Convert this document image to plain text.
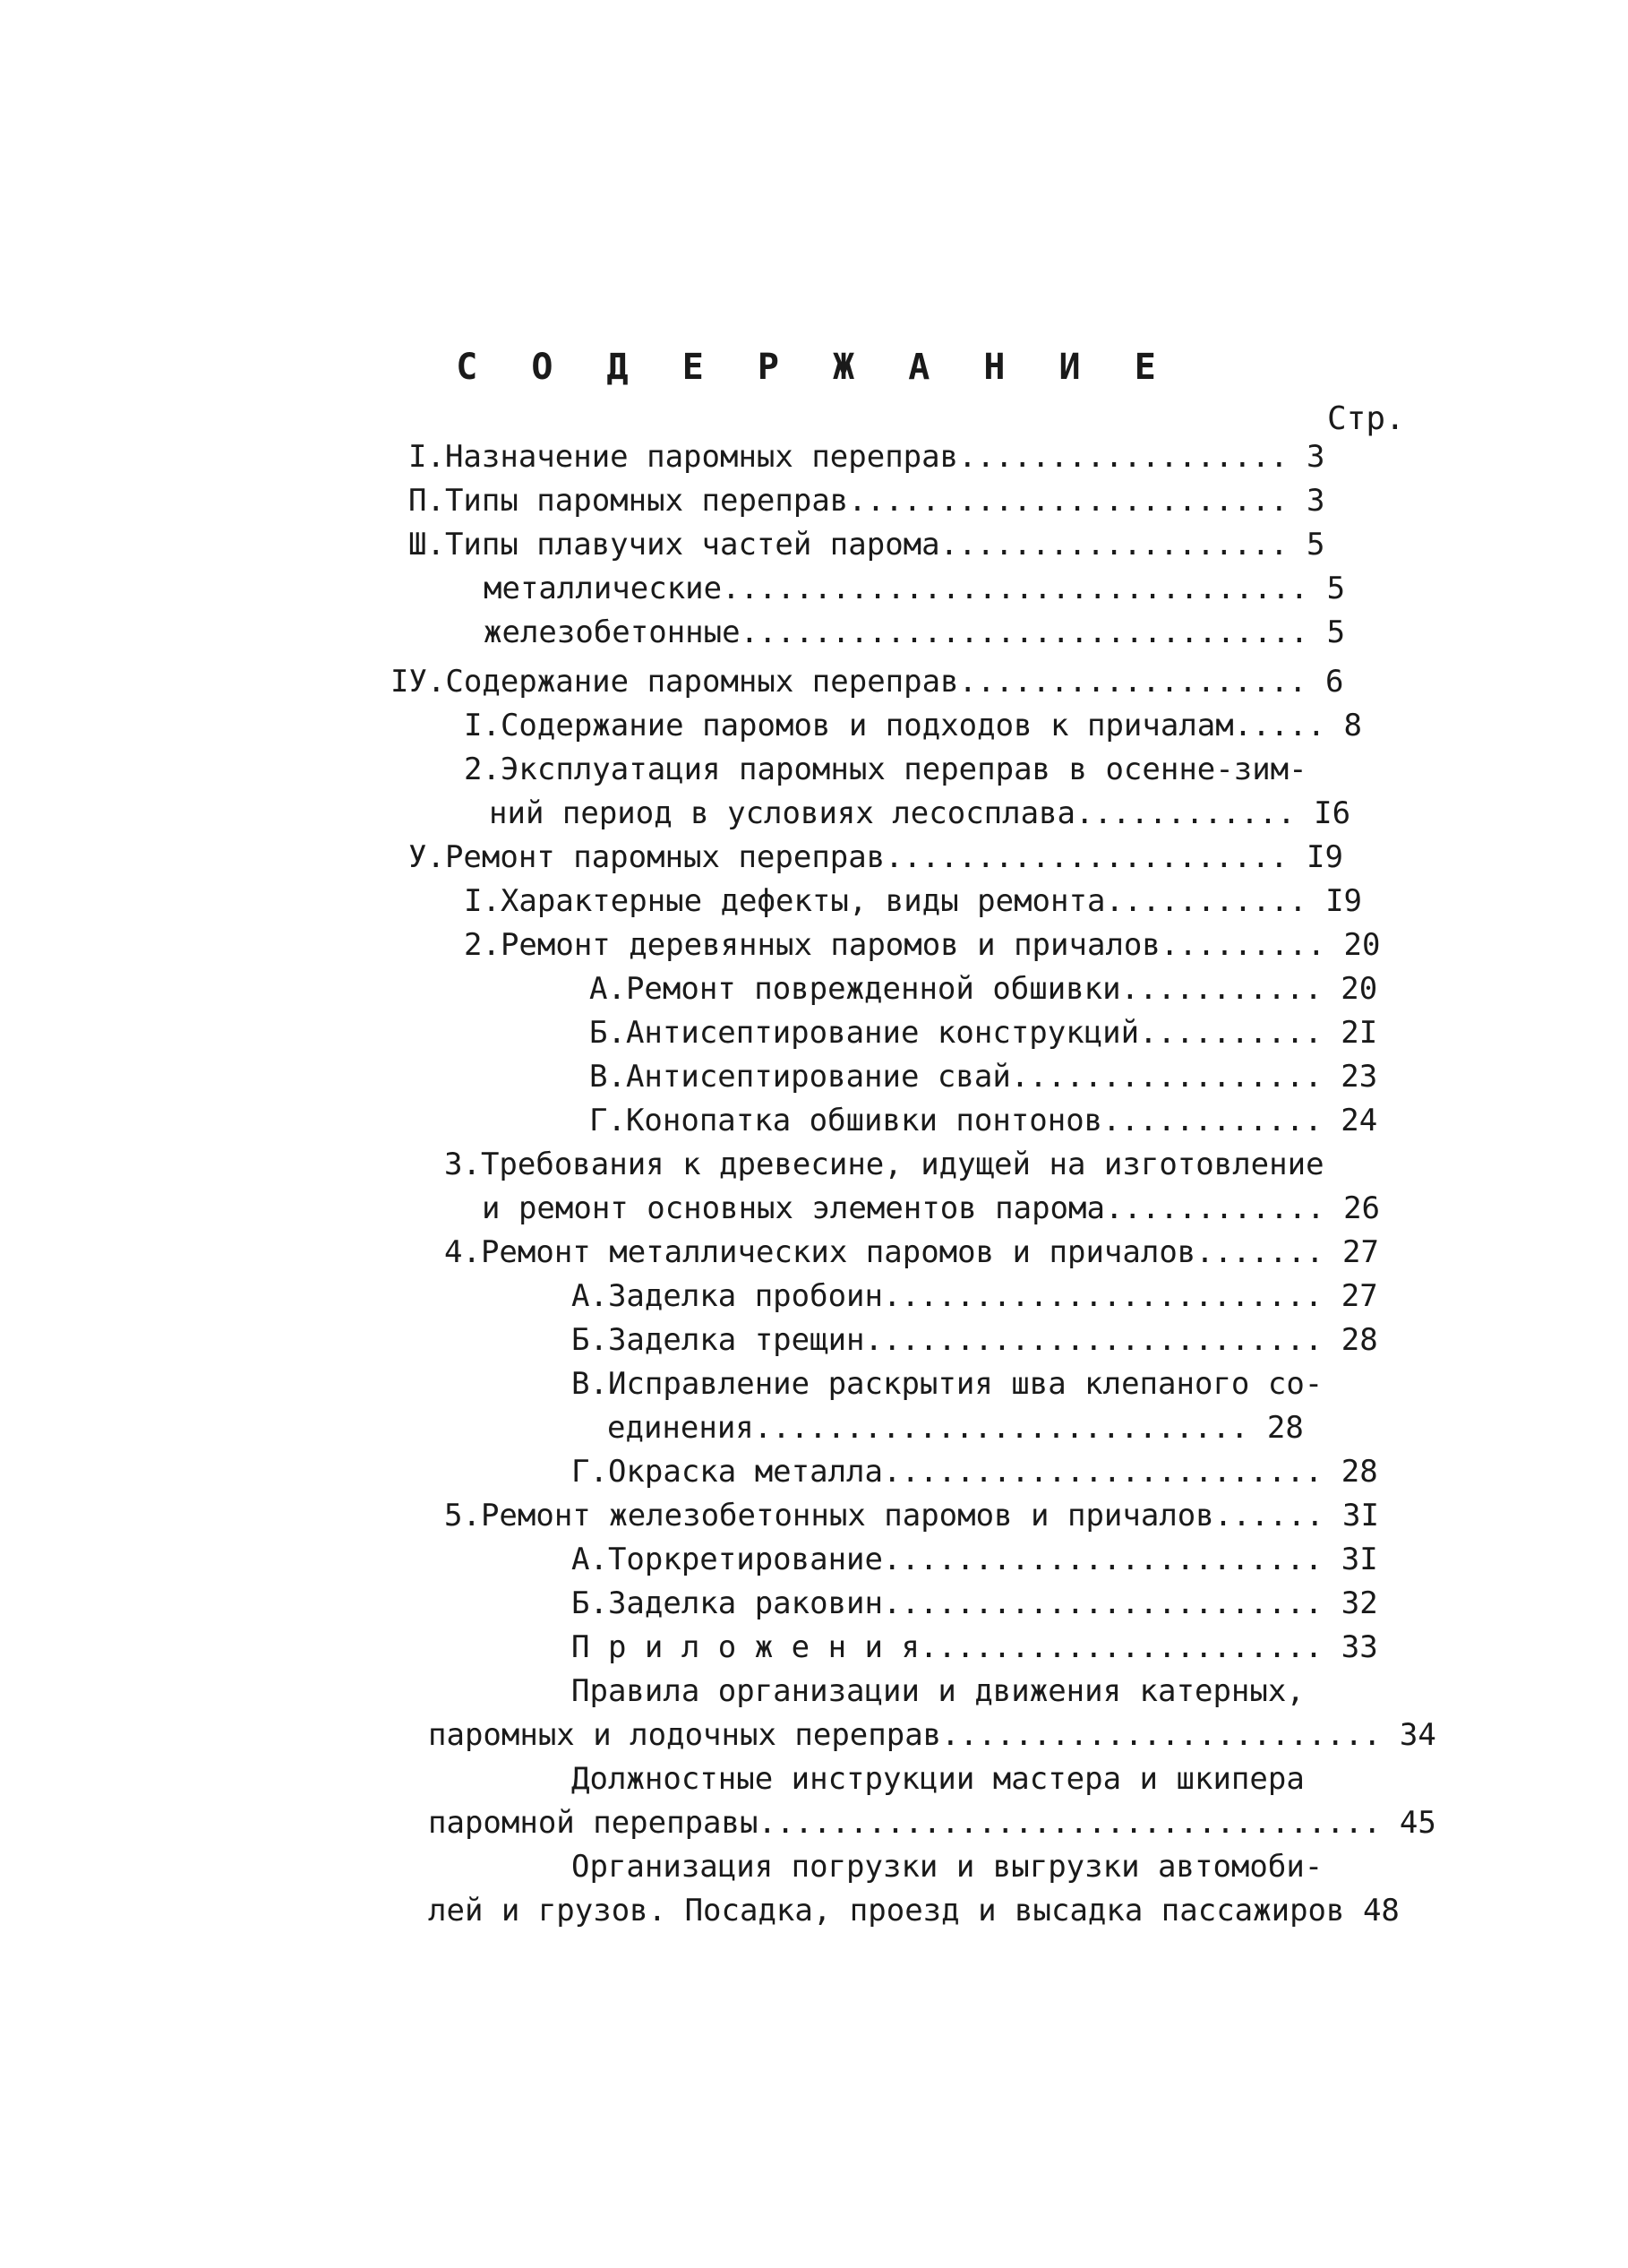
С О Д Е Р Ж А Н И Е
Стр.
I.Назначение паромных переправ.................. 3
П.Типы паромных переправ........................ 3
Ш.Типы плавучих частей парома................... 5
металлические................................ 5
железобетонные............................... 5
IУ.Содержание паромных переправ................... 6
I.Содержание паромов и подходов к причалам..... 8
2.Эксплуатация паромных переправ в осенне-зим-
ний период в условиях лесосплава............ I6
У.Ремонт паромных переправ...................... I9
I.Характерные дефекты, виды ремонта........... I9
2.Ремонт деревянных паромов и причалов......... 20
А.Ремонт поврежденной обшивки........... 20
Б.Антисептирование конструкций.......... 2I
В.Антисептирование свай................. 23
Г.Конопатка обшивки понтонов............ 24
3.Требования к древесине, идущей на изготовление
и ремонт основных элементов парома............ 26
4.Ремонт металлических паромов и причалов....... 27
А.Заделка пробоин........................ 27
Б.Заделка трещин......................... 28
В.Исправление раскрытия шва клепаного со-
единения........................... 28
Г.Окраска металла........................ 28
5.Ремонт железобетонных паромов и причалов...... 3I
А.Торкретирование........................ 3I
Б.Заделка раковин........................ 32
П р и л о ж е н и я...................... 33
Правила организации и движения катерных,
паромных и лодочных переправ........................ 34
Должностные инструкции мастера и шкипера
паромной переправы.................................. 45
Организация погрузки и выгрузки автомоби-
лей и грузов. Посадка, проезд и высадка пассажиров 48
